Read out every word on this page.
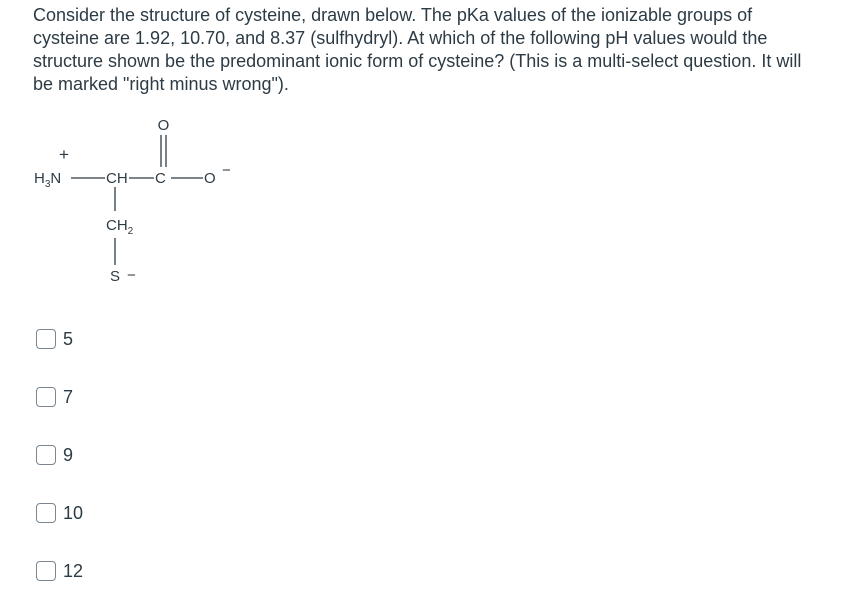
Consider the structure of cysteine, drawn below. The pKa values of the ionizable groups of cysteine are 1.92, 10.70, and 8.37 (sulfhydryl). At which of the following pH values would the structure shown be the predominant ionic form of cysteine? (This is a multi-select question. It will be marked "right minus wrong").

+
$H_3N$	CH C
O
O −
$CH_2$
S −
5
7
9
10
12
